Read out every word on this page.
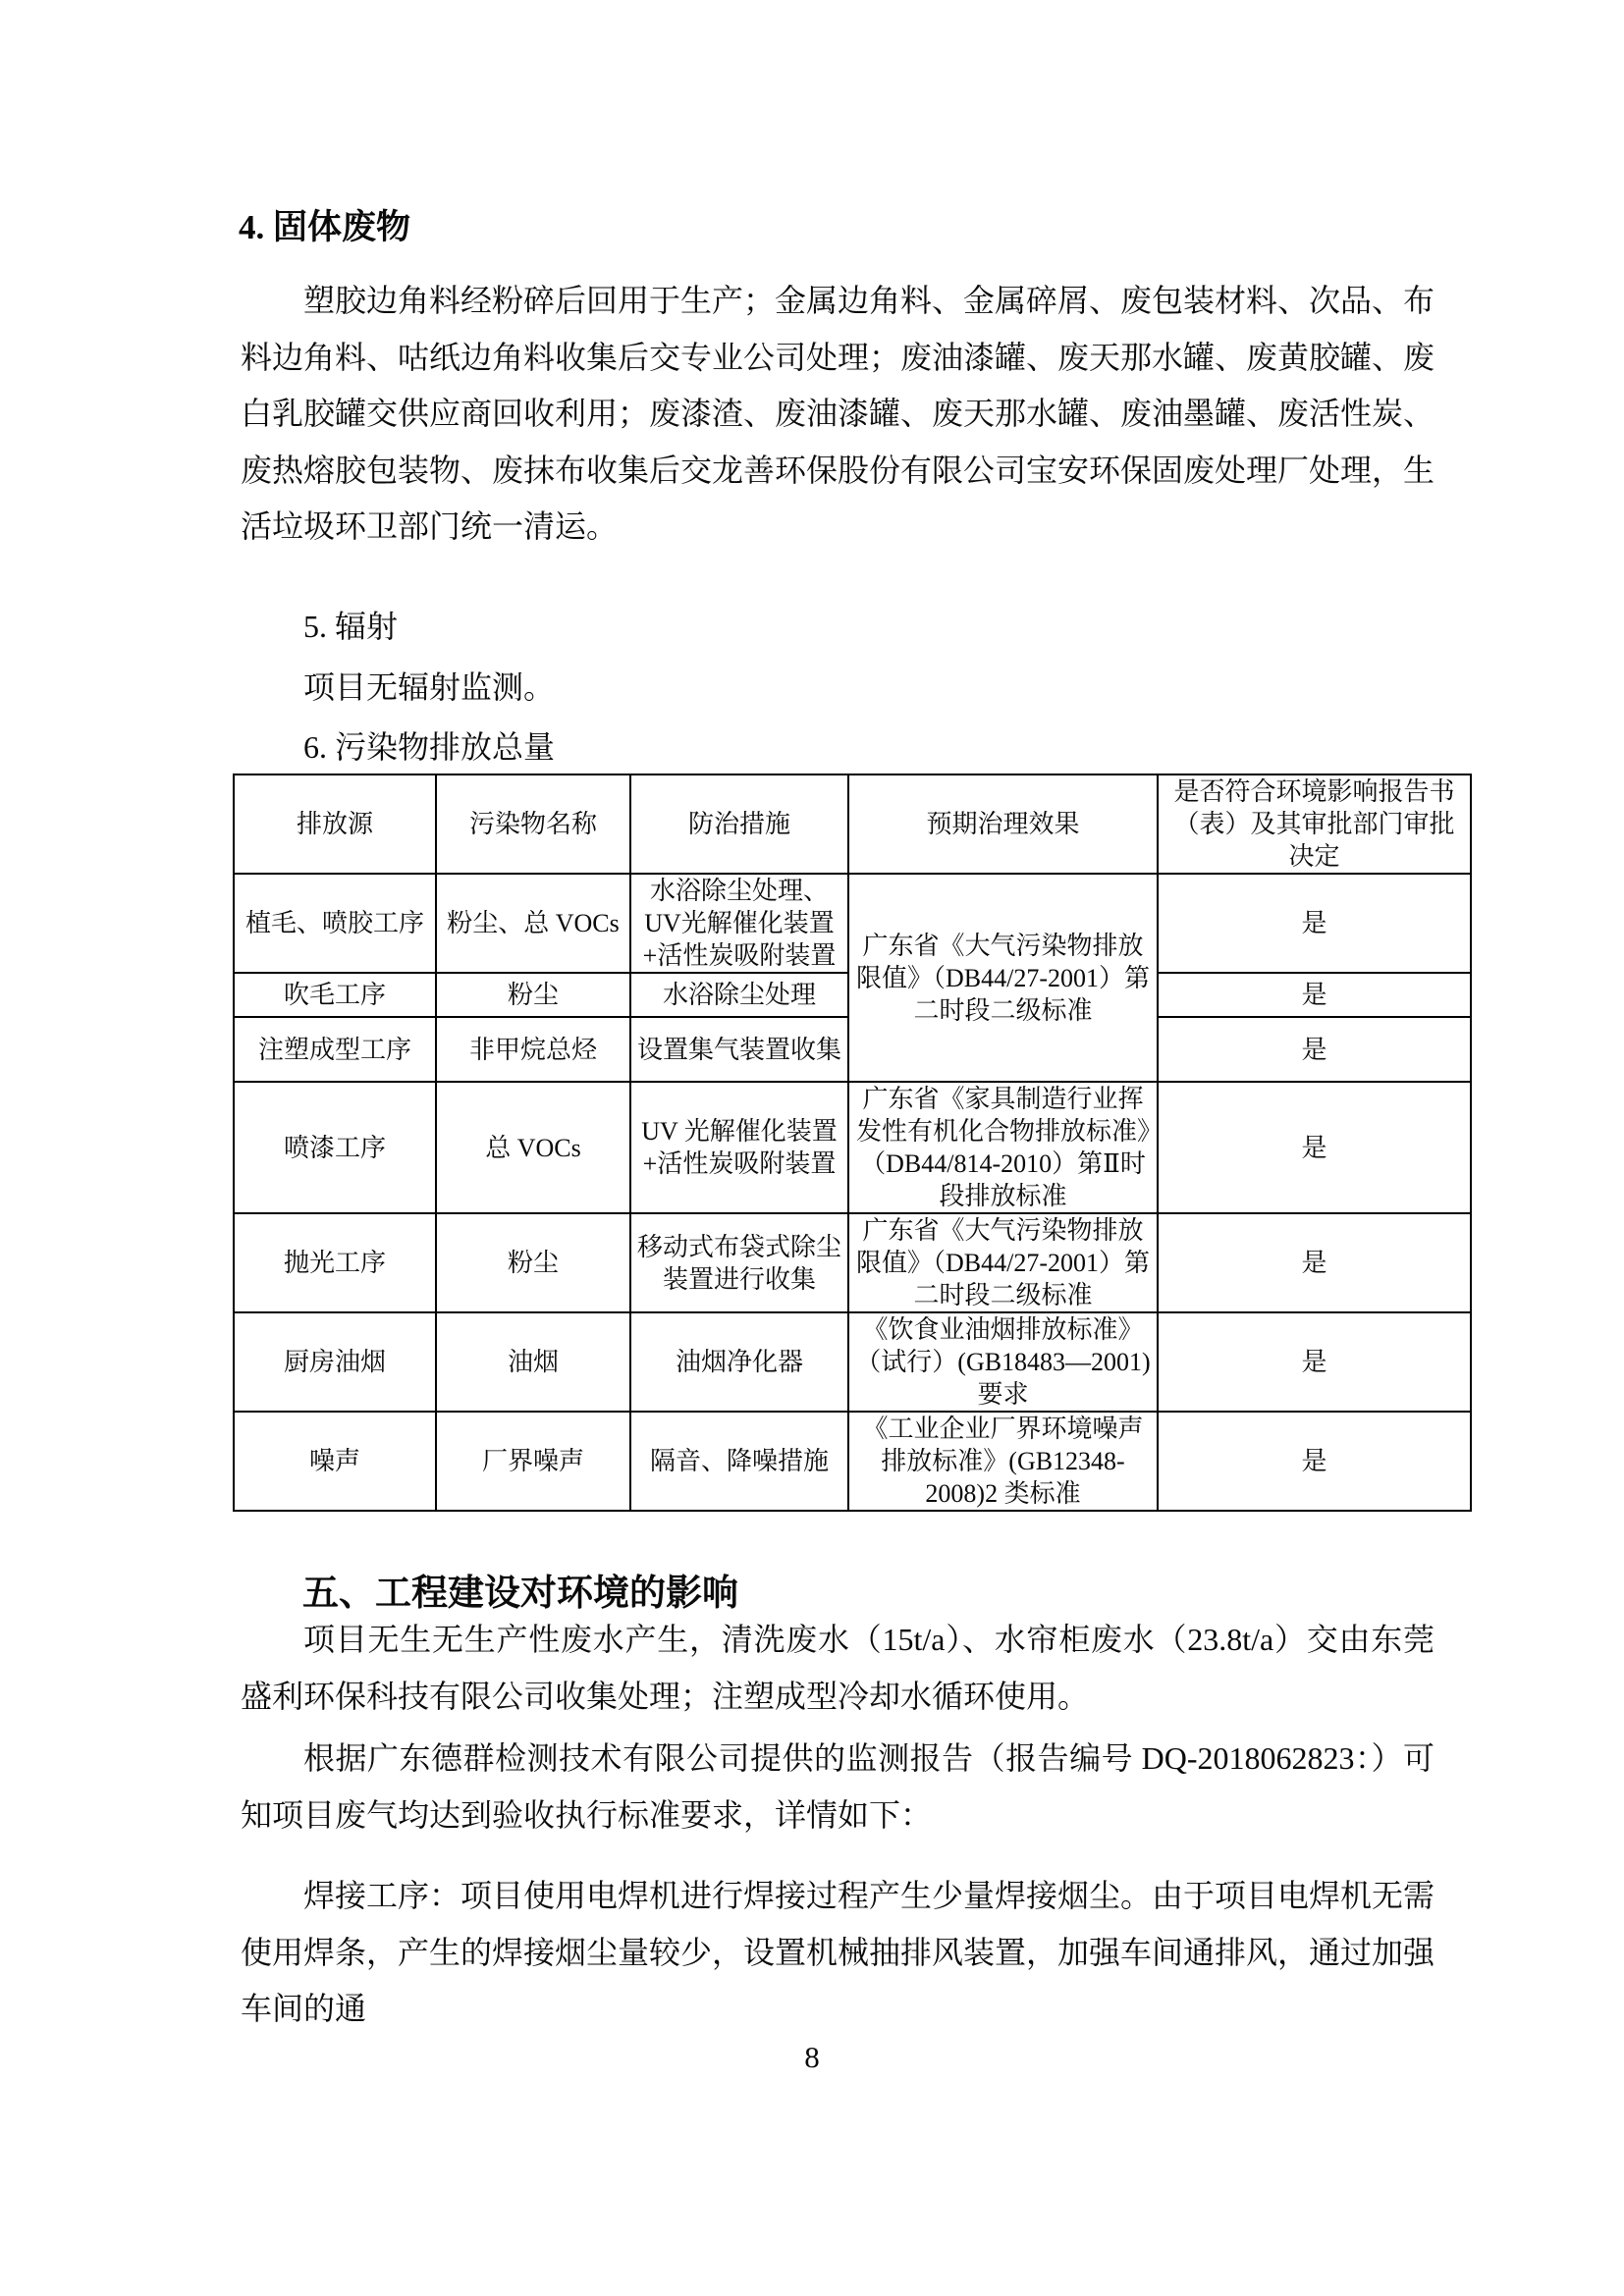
4. 固体废物
塑胶边角料经粉碎后回用于生产；金属边角料、金属碎屑、废包装材料、次品、布料边角料、咕纸边角料收集后交专业公司处理；废油漆罐、废天那水罐、废黄胶罐、废白乳胶罐交供应商回收利用；废漆渣、废油漆罐、废天那水罐、废油墨罐、废活性炭、废热熔胶包装物、废抹布收集后交龙善环保股份有限公司宝安环保固废处理厂处理，生活垃圾环卫部门统一清运。
5. 辐射
项目无辐射监测。
6. 污染物排放总量
排放源	污染物名称	防治措施	预期治理效果	是否符合环境影响报告书（表）及其审批部门审批决定
植毛、喷胶工序	粉尘、总 VOCs	水浴除尘处理、UV光解催化装置+活性炭吸附装置	广东省《大气污染物排放限值》（DB44/27-2001）第二时段二级标准	是
吹毛工序	粉尘	水浴除尘处理		是
注塑成型工序	非甲烷总烃	设置集气装置收集		是
喷漆工序	总 VOCs	UV 光解催化装置+活性炭吸附装置	广东省《家具制造行业挥发性有机化合物排放标准》（DB44/814-2010）第Ⅱ时段排放标准	是
抛光工序	粉尘	移动式布袋式除尘装置进行收集	广东省《大气污染物排放限值》（DB44/27-2001）第二时段二级标准	是
厨房油烟	油烟	油烟净化器	《饮食业油烟排放标准》（试行）(GB18483—2001)要求	是
噪声	厂界噪声	隔音、降噪措施	《工业企业厂界环境噪声排放标准》(GB12348-2008)2 类标准	是
五、工程建设对环境的影响
项目无生无生产性废水产生，清洗废水（15t/a）、水帘柜废水（23.8t/a）交由东莞盛利环保科技有限公司收集处理；注塑成型冷却水循环使用。
根据广东德群检测技术有限公司提供的监测报告（报告编号 DQ-2018062823：）可知项目废气均达到验收执行标准要求，详情如下：
焊接工序：项目使用电焊机进行焊接过程产生少量焊接烟尘。由于项目电焊机无需使用焊条，产生的焊接烟尘量较少，设置机械抽排风装置，加强车间通排风，通过加强车间的通
8
